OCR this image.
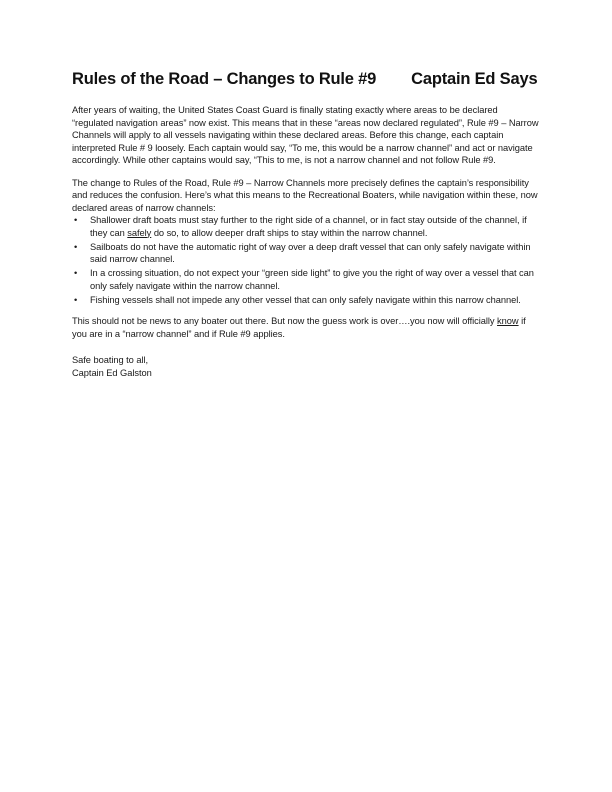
Rules of the Road – Changes to Rule #9 Captain Ed Says

After years of waiting, the United States Coast Guard is finally stating exactly where areas to be declared “regulated navigation areas” now exist. This means that in these “areas now declared regulated”, Rule #9 – Narrow Channels will apply to all vessels navigating within these declared areas. Before this change, each captain interpreted Rule # 9 loosely. Each captain would say, “To me, this would be a narrow channel” and act or navigate accordingly. While other captains would say, “This to me, is not a narrow channel and not follow Rule #9.

The change to Rules of the Road, Rule #9 – Narrow Channels more precisely defines the captain’s responsibility and reduces the confusion. Here’s what this means to the Recreational Boaters, while navigation within these, now declared areas of narrow channels:

• Shallower draft boats must stay further to the right side of a channel, or in fact stay outside of the channel, if they can safely do so, to allow deeper draft ships to stay within the narrow channel.
• Sailboats do not have the automatic right of way over a deep draft vessel that can only safely navigate within said narrow channel.
• In a crossing situation, do not expect your “green side light” to give you the right of way over a vessel that can only safely navigate within the narrow channel.
• Fishing vessels shall not impede any other vessel that can only safely navigate within this narrow channel.

This should not be news to any boater out there. But now the guess work is over….you now will officially know if you are in a “narrow channel” and if Rule #9 applies.

Safe boating to all,

Captain Ed Galston
